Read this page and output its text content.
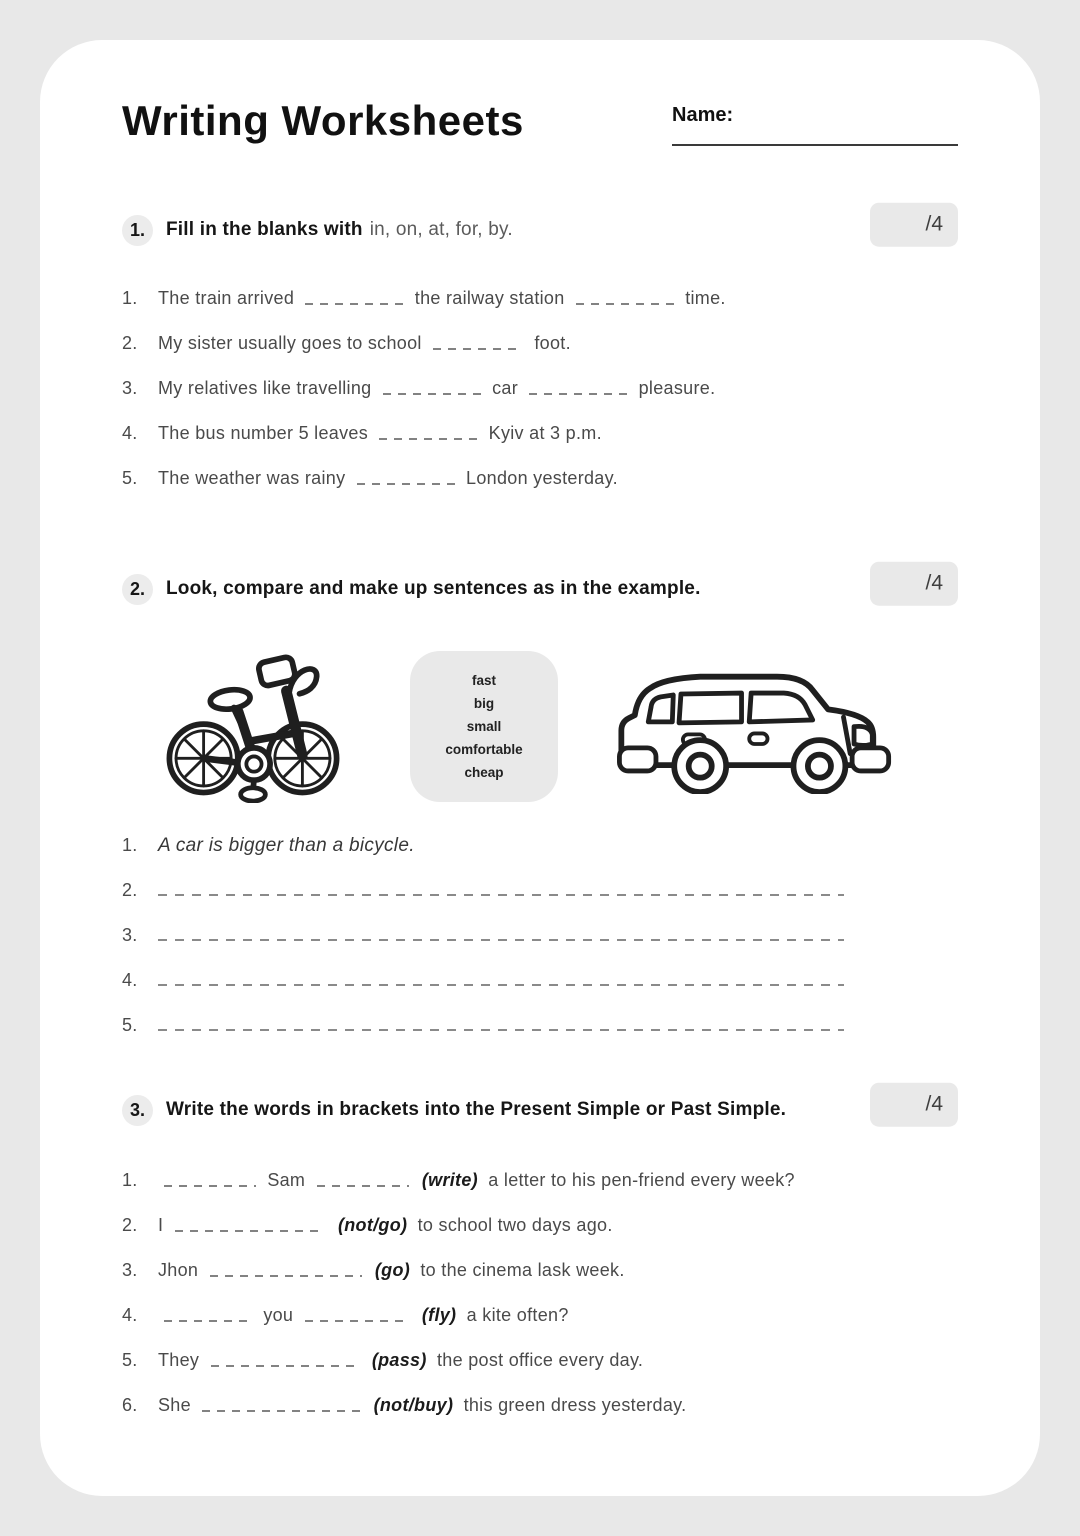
Writing Worksheets	Name:
1.	Fill in the blanks with in, on, at, for, by.	/4
1.	The train arrived	the railway station	time.
2.	My sister usually goes to school	foot.
3.	My relatives like travelling	car	pleasure.
4.	The bus number 5 leaves	Kyiv at 3 p.m.
5.	The weather was rainy	London yesterday.
2.	Look, compare and make up sentences as in the example.	/4
fast
big
small
comfortable
cheap
1.	A car is bigger than a bicycle.
2.
3.
4.
5.
3.	Write the words in brackets into the Present Simple or Past Simple.	/4
1.	Sam	(write) a letter to his pen-friend every week?
2.	I	(not/go) to school two days ago.
3.	Jhon	(go) to the cinema lask week.
4.	you	(fly) a kite often?
5.	They	(pass) the post office every day.
6.	She	(not/buy) this green dress yesterday.
